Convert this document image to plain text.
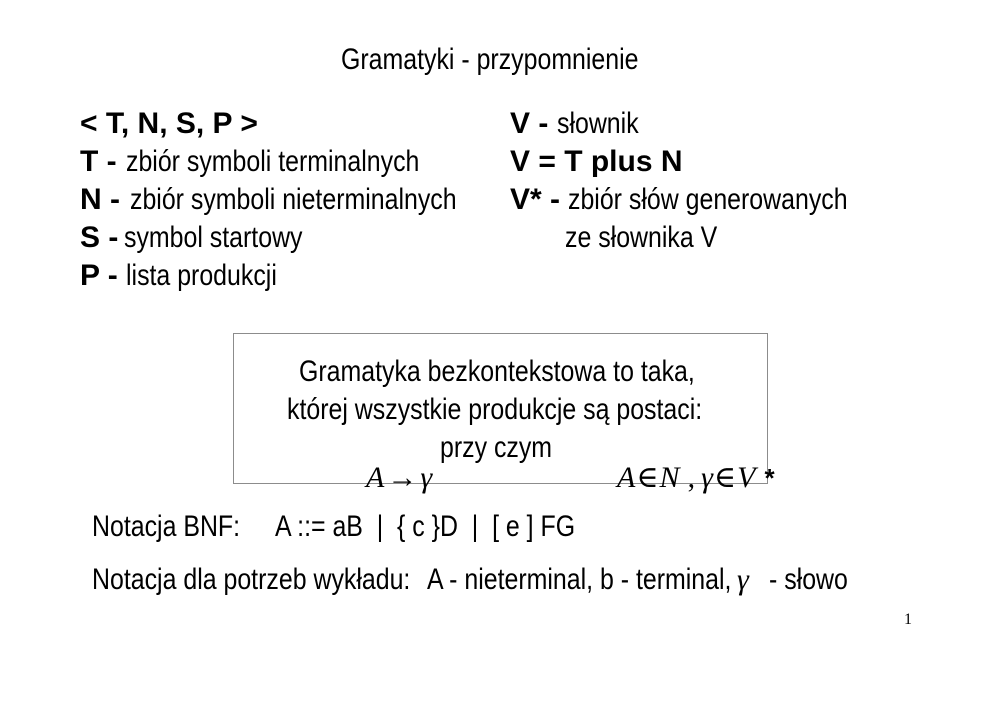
Gramatyki - przypomnienie
< T, N, S, P >
T - zbiór symboli terminalnych
N - zbiór symboli nieterminalnych
S - symbol startowy
P - lista produkcji
V - słownik
V = T plus N
V* - zbiór słów generowanych
ze słownika V
Gramatyka bezkontekstowa to taka,
której wszystkie produkcje są postaci:

A → γ

przy czym

A∈N , γ∈V *

Notacja BNF: A ::= aB  |  { c }D  |  [ e ] FG
Notacja dla potrzeb wykładu: A - nieterminal, b - terminal, γ - słowo
1
